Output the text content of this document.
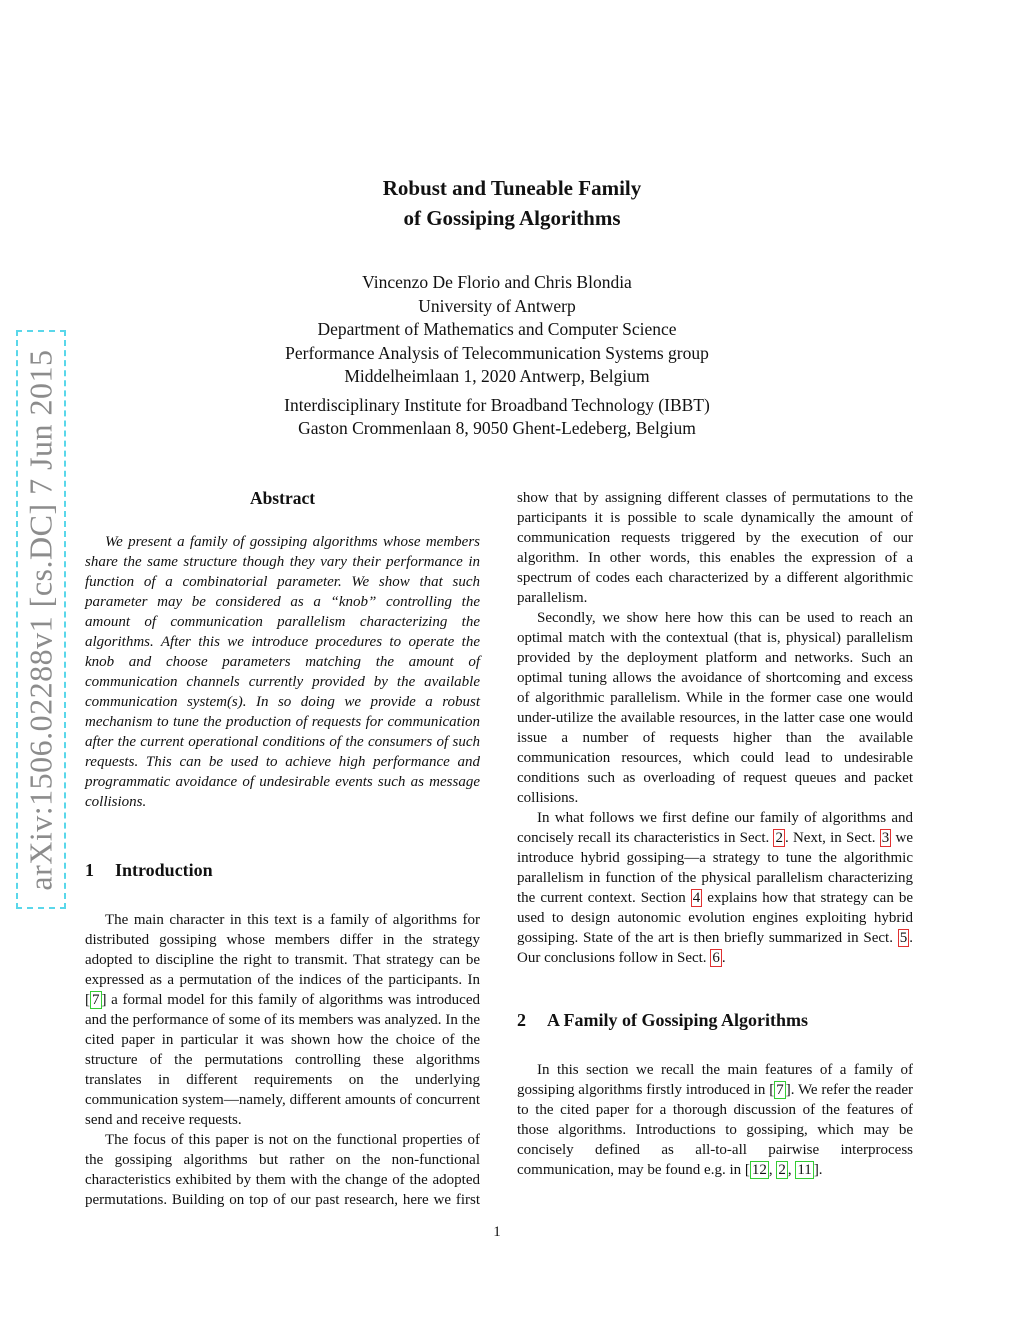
arXiv:1506.02288v1 [cs.DC] 7 Jun 2015
Robust and Tuneable Family
of Gossiping Algorithms
Vincenzo De Florio and Chris Blondia
University of Antwerp
Department of Mathematics and Computer Science
Performance Analysis of Telecommunication Systems group
Middelheimlaan 1, 2020 Antwerp, Belgium
Interdisciplinary Institute for Broadband Technology (IBBT)
Gaston Crommenlaan 8, 9050 Ghent-Ledeberg, Belgium
Abstract

We present a family of gossiping algorithms whose members share the same structure though they vary their performance in function of a combinatorial parameter. We show that such parameter may be considered as a “knob” controlling the amount of communication parallelism characterizing the algorithms. After this we introduce procedures to operate the knob and choose parameters matching the amount of communication channels currently provided by the available communication system(s). In so doing we provide a robust mechanism to tune the production of requests for communication after the current operational conditions of the consumers of such requests. This can be used to achieve high performance and programmatic avoidance of undesirable events such as message collisions.

1 Introduction

The main character in this text is a family of algorithms for distributed gossiping whose members differ in the strategy adopted to discipline the right to transmit. That strategy can be expressed as a permutation of the indices of the participants. In [ 7 ] a formal model for this family of algorithms was introduced and the performance of some of its members was analyzed. In the cited paper in particular it was shown how the choice of the structure of the permutations controlling these algorithms translates in different requirements on the underlying communication system—namely, different amounts of concurrent send and receive requests.

The focus of this paper is not on the functional properties of the gossiping algorithms but rather on the non-functional characteristics exhibited by them with the change of the adopted permutations. Building on top of our past research, here we first

show that by assigning different classes of permutations to the participants it is possible to scale dynamically the amount of communication requests triggered by the execution of our algorithm. In other words, this enables the expression of a spectrum of codes each characterized by a different algorithmic parallelism.

Secondly, we show here how this can be used to reach an optimal match with the contextual (that is, physical) parallelism provided by the deployment platform and networks. Such an optimal tuning allows the avoidance of shortcoming and excess of algorithmic parallelism. While in the former case one would under-utilize the available resources, in the latter case one would issue a number of requests higher than the available communication resources, which could lead to undesirable conditions such as overloading of request queues and packet collisions.

In what follows we first define our family of algorithms and concisely recall its characteristics in Sect. 2 . Next, in Sect. 3 we introduce hybrid gossiping—a strategy to tune the algorithmic parallelism in function of the physical parallelism characterizing the current context. Section 4 explains how that strategy can be used to design autonomic evolution engines exploiting hybrid gossiping. State of the art is then briefly summarized in Sect. 5 . Our conclusions follow in Sect. 6 .

2 A Family of Gossiping Algorithms

In this section we recall the main features of a family of gossiping algorithms firstly introduced in [ 7 ]. We refer the reader to the cited paper for a thorough discussion of the features of those algorithms. Introductions to gossiping, which may be concisely defined as all-to-all pairwise interprocess communication, may be found e.g. in [ 12 , 2 , 11 ].

1
